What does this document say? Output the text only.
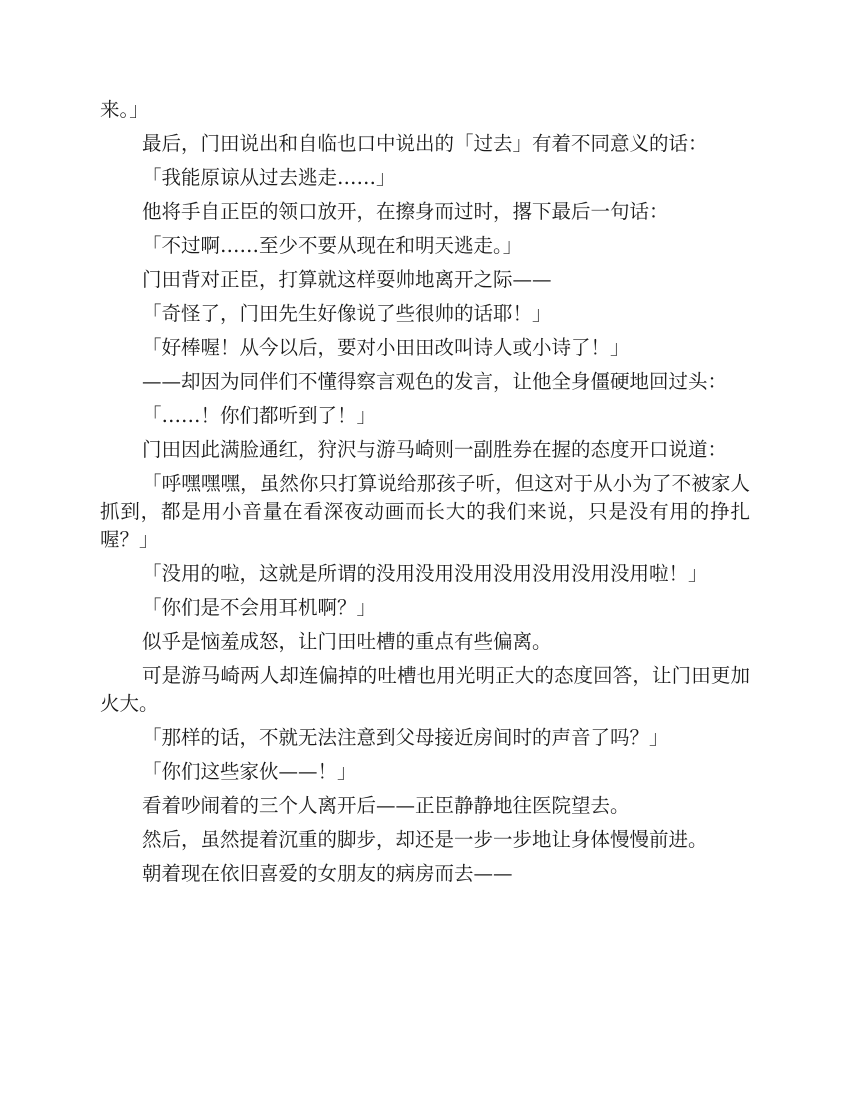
来。」

最后，门田说出和自临也口中说出的「过去」有着不同意义的话：

「我能原谅从过去逃走……」

他将手自正臣的领口放开，在擦身而过时，撂下最后一句话：

「不过啊……至少不要从现在和明天逃走。」

门田背对正臣，打算就这样耍帅地离开之际——

「奇怪了，门田先生好像说了些很帅的话耶！」

「好棒喔！从今以后，要对小田田改叫诗人或小诗了！」

——却因为同伴们不懂得察言观色的发言，让他全身僵硬地回过头：

「……！你们都听到了！」

门田因此满脸通红，狩沢与游马崎则一副胜券在握的态度开口说道：

「呼嘿嘿嘿，虽然你只打算说给那孩子听，但这对于从小为了不被家人抓到，都是用小音量在看深夜动画而长大的我们来说，只是没有用的挣扎喔？」

「没用的啦，这就是所谓的没用没用没用没用没用没用没用啦！」

「你们是不会用耳机啊？」

似乎是恼羞成怒，让门田吐槽的重点有些偏离。

可是游马崎两人却连偏掉的吐槽也用光明正大的态度回答，让门田更加火大。

「那样的话，不就无法注意到父母接近房间时的声音了吗？」

「你们这些家伙——！」

看着吵闹着的三个人离开后——正臣静静地往医院望去。

然后，虽然提着沉重的脚步，却还是一步一步地让身体慢慢前进。

朝着现在依旧喜爱的女朋友的病房而去——
